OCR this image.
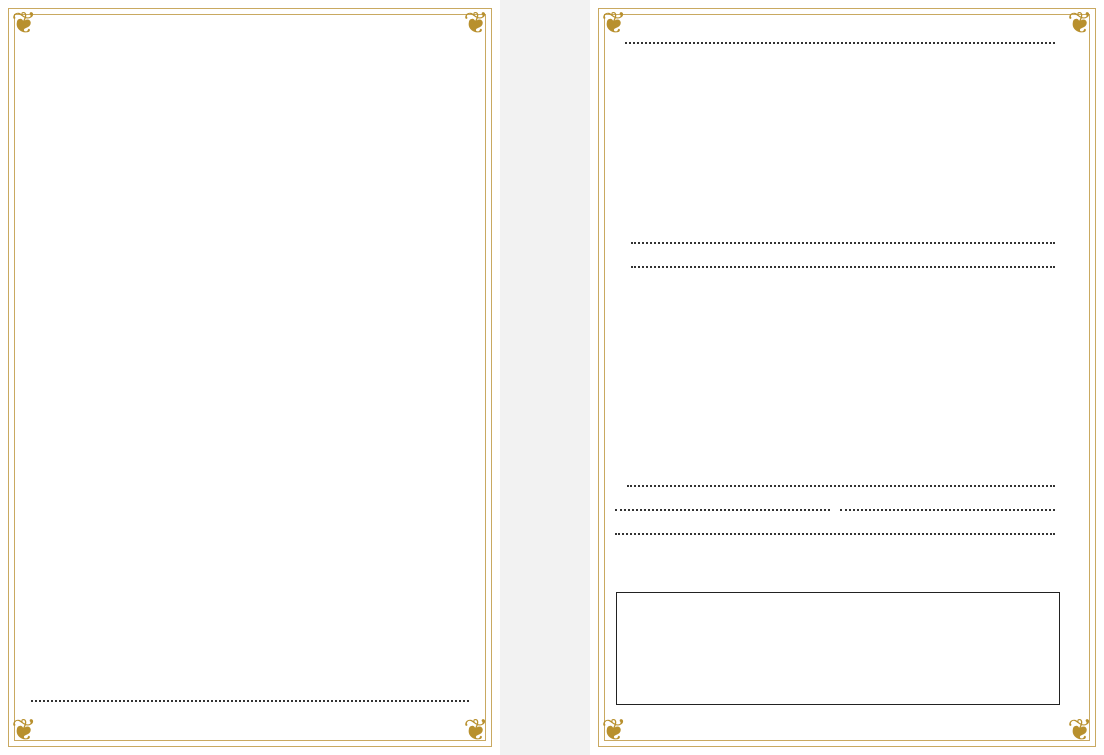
❦	❦
❦	❦
❦	❦
❦	❦
